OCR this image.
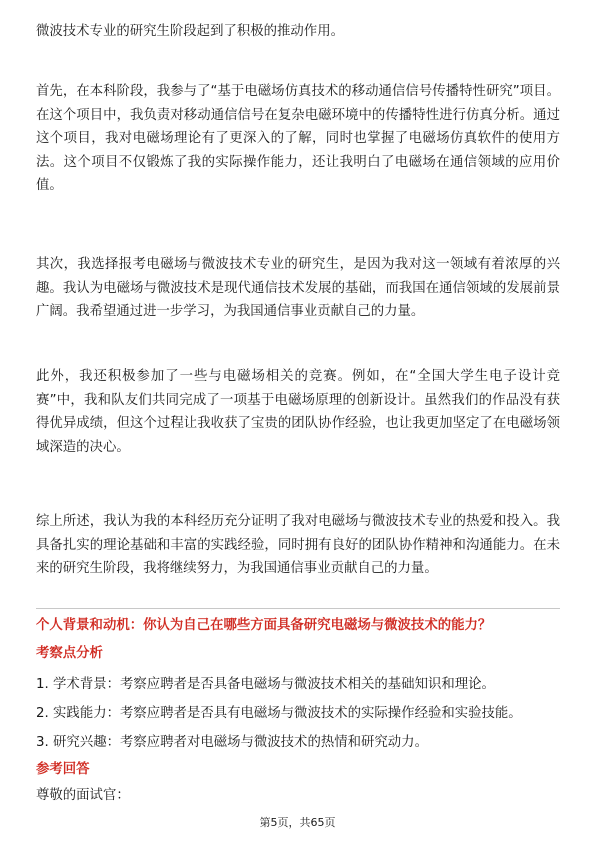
微波技术专业的研究生阶段起到了积极的推动作用。

首先，在本科阶段，我参与了“基于电磁场仿真技术的移动通信信号传播特性研究”项目。在这个项目中，我负责对移动通信信号在复杂电磁环境中的传播特性进行仿真分析。通过这个项目，我对电磁场理论有了更深入的了解，同时也掌握了电磁场仿真软件的使用方法。这个项目不仅锻炼了我的实际操作能力，还让我明白了电磁场在通信领域的应用价值。

其次，我选择报考电磁场与微波技术专业的研究生，是因为我对这一领域有着浓厚的兴趣。我认为电磁场与微波技术是现代通信技术发展的基础，而我国在通信领域的发展前景广阔。我希望通过进一步学习，为我国通信事业贡献自己的力量。

此外，我还积极参加了一些与电磁场相关的竞赛。例如，在“全国大学生电子设计竞赛”中，我和队友们共同完成了一项基于电磁场原理的创新设计。虽然我们的作品没有获得优异成绩，但这个过程让我收获了宝贵的团队协作经验，也让我更加坚定了在电磁场领域深造的决心。

综上所述，我认为我的本科经历充分证明了我对电磁场与微波技术专业的热爱和投入。我具备扎实的理论基础和丰富的实践经验，同时拥有良好的团队协作精神和沟通能力。在未来的研究生阶段，我将继续努力，为我国通信事业贡献自己的力量。

个人背景和动机：你认为自己在哪些方面具备研究电磁场与微波技术的能力？

考察点分析

1. 学术背景：考察应聘者是否具备电磁场与微波技术相关的基础知识和理论。
2. 实践能力：考察应聘者是否具有电磁场与微波技术的实际操作经验和实验技能。
3. 研究兴趣：考察应聘者对电磁场与微波技术的热情和研究动力。

参考回答

尊敬的面试官：

第5页，共65页
